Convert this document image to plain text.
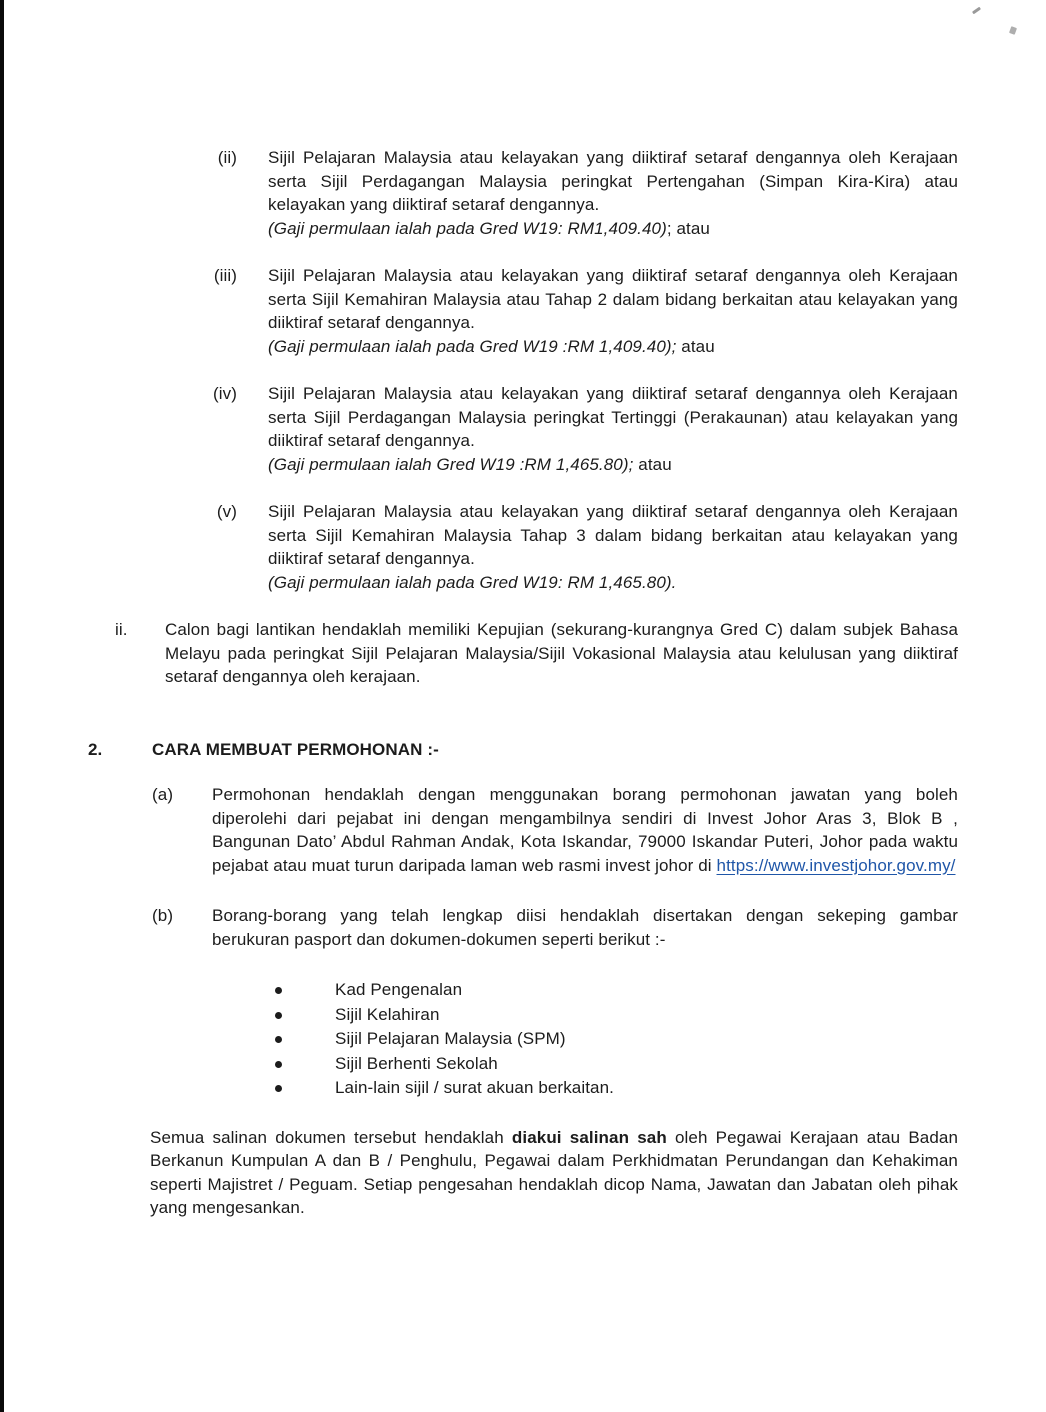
(ii) Sijil Pelajaran Malaysia atau kelayakan yang diiktiraf setaraf dengannya oleh Kerajaan serta Sijil Perdagangan Malaysia peringkat Pertengahan (Simpan Kira-Kira) atau kelayakan yang diiktiraf setaraf dengannya.

(Gaji permulaan ialah pada Gred W19: RM1,409.40); atau

(iii) Sijil Pelajaran Malaysia atau kelayakan yang diiktiraf setaraf dengannya oleh Kerajaan serta Sijil Kemahiran Malaysia atau Tahap 2 dalam bidang berkaitan atau kelayakan yang diiktiraf setaraf dengannya.

(Gaji permulaan ialah pada Gred W19 :RM 1,409.40); atau

(iv) Sijil Pelajaran Malaysia atau kelayakan yang diiktiraf setaraf dengannya oleh Kerajaan serta Sijil Perdagangan Malaysia peringkat Tertinggi (Perakaunan) atau kelayakan yang diiktiraf setaraf dengannya.

(Gaji permulaan ialah Gred W19 :RM 1,465.80); atau

(v) Sijil Pelajaran Malaysia atau kelayakan yang diiktiraf setaraf dengannya oleh Kerajaan serta Sijil Kemahiran Malaysia Tahap 3 dalam bidang berkaitan atau kelayakan yang diiktiraf setaraf dengannya.

(Gaji permulaan ialah pada Gred W19: RM 1,465.80).

ii.	Calon bagi lantikan hendaklah memiliki Kepujian (sekurang-kurangnya Gred C) dalam subjek Bahasa Melayu pada peringkat Sijil Pelajaran Malaysia/Sijil Vokasional Malaysia atau kelulusan yang diiktiraf setaraf dengannya oleh kerajaan.

2.	CARA MEMBUAT PERMOHONAN :-
(a)	Permohonan hendaklah dengan menggunakan borang permohonan jawatan yang boleh diperolehi dari pejabat ini dengan mengambilnya sendiri di Invest Johor Aras 3, Blok B , Bangunan Dato’ Abdul Rahman Andak, Kota Iskandar, 79000 Iskandar Puteri, Johor pada waktu pejabat atau muat turun daripada laman web rasmi invest johor di https://www.investjohor.gov.my/

(b)	Borang-borang yang telah lengkap diisi hendaklah disertakan dengan sekeping gambar berukuran pasport dan dokumen-dokumen seperti berikut :-

Kad Pengenalan
Sijil Kelahiran
Sijil Pelajaran Malaysia (SPM)
Sijil Berhenti Sekolah
Lain-lain sijil / surat akuan berkaitan.

Semua salinan dokumen tersebut hendaklah diakui salinan sah oleh Pegawai Kerajaan atau Badan Berkanun Kumpulan A dan B / Penghulu, Pegawai dalam Perkhidmatan Perundangan dan Kehakiman seperti Majistret / Peguam. Setiap pengesahan hendaklah dicop Nama, Jawatan dan Jabatan oleh pihak yang mengesankan.
